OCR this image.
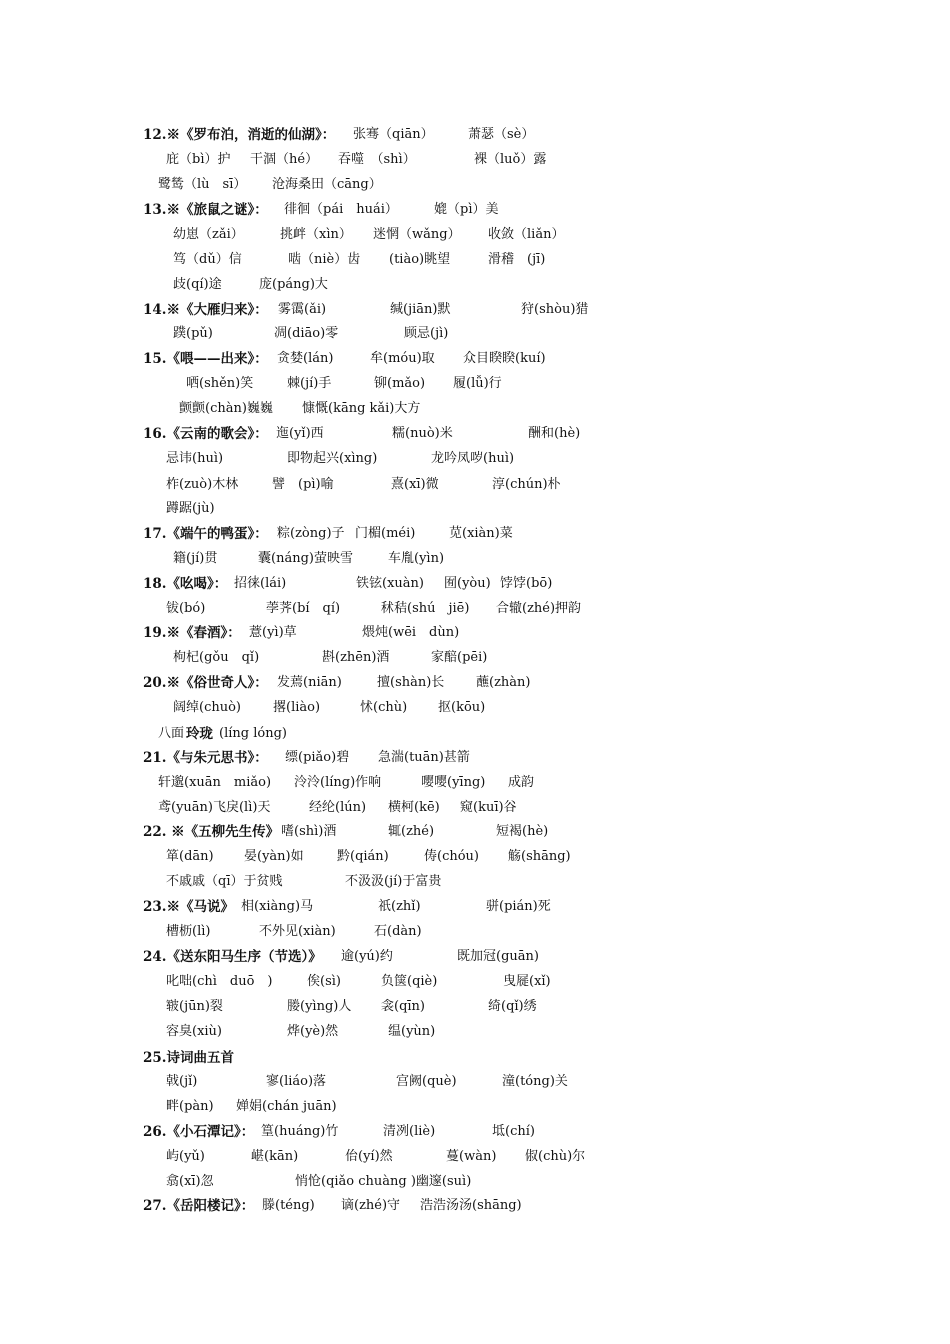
12.※《罗布泊，消逝的仙湖》： 张骞（qiān）	萧瑟（sè）
庇（bì）护 干涸（hé） 吞噬　（shì）	裸（luǒ）露
鹭鸶（lù　sī） 沧海桑田（cāng）
13.※《旅鼠之谜》： 徘徊（pái　huái）	媲（pì）美
幼崽（zǎi）	挑衅（xìn） 迷惘（wǎng） 收敛（liǎn）
笃（dǔ）信	啮（niè）齿 (tiào)眺望	滑稽　(jī)
歧(qí)途	庞(páng)大
14.※《大雁归来》： 雾霭(ǎi)	缄(jiān)默	狩(shòu)猎
蹼(pǔ)	凋(diāo)零	顾忌(jì)
15.《喂——出来》： 贪婪(lán)	牟(móu)取 众目睽睽(kuí)
哂(shěn)笑	棘(jí)手	铆(mǎo) 履(lǚ)行
颤颤(chàn)巍巍 慷慨(kāng kǎi)大方
16.《云南的歌会》： 迤(yǐ)西	糯(nuò)米	酬和(hè)
忌讳(huì)	即物起兴(xìng)	龙吟凤哕(huì)
柞(zuò)木林	譬　(pì)喻	熹(xī)微	淳(chún)朴
蹲踞(jù)
17.《端午的鸭蛋》： 粽(zòng)子 门楣(méi)	苋(xiàn)菜
籍(jí)贯	囊(náng)萤映雪	车胤(yìn)
18.《吆喝》： 招徕(lái)	铁铉(xuàn) 囿(yòu) 饽饽(bō)
钹(bó)	荸荠(bí　qí)	秫秸(shú　jiē) 合辙(zhé)押韵
19.※《春酒》： 薏(yì)草	煨炖(wēi　dùn)
枸杞(gǒu　qǐ)	斟(zhēn)酒	家醅(pēi)
20.※《俗世奇人》： 发蔫(niān)	擅(shàn)长 蘸(zhàn)
阔绰(chuò) 撂(liào)	怵(chù) 抠(kōu)
八面 玲珑 (líng lóng)
21.《与朱元思书》： 缥(piǎo)碧 急湍(tuān)甚箭
轩邈(xuān　miǎo) 泠泠(líng)作响	嘤嘤(yīng) 成韵
鸢(yuān)飞戾(lì)天	经纶(lún) 横柯(kē) 窥(kuī)谷
22. ※《五柳先生传》 嗜(shì)酒	辄(zhé)	短褐(hè)
箪(dān) 晏(yàn)如	黔(qián)	俦(chóu) 觞(shāng)
不戚戚（qī）于贫贱	不汲汲(jí)于富贵
23.※《马说》 相(xiàng)马	祇(zhǐ)	骈(pián)死
槽枥(lì)	不外见(xiàn)	石(dàn)
24.《送东阳马生序（节选）》 逾(yú)约	既加冠(guān)
叱咄(chì　duō　)	俟(sì)	负箧(qiè)	曳屣(xǐ)
皲(jūn)裂	媵(yìng)人 衾(qīn)	绮(qǐ)绣
容臭(xiù)	烨(yè)然	缊(yùn)
25.诗词曲五首
戟(jǐ)	寥(liáo)落	宫阙(què)	潼(tóng)关
畔(pàn) 婵娟(chán juān)
26.《小石潭记》： 篁(huáng)竹	清冽(liè)	坻(chí)
屿(yǔ)	嵁(kān)	佁(yí)然	蔓(wàn) 俶(chù)尔
翕(xī)忽	悄怆(qiǎo chuàng )幽邃(suì)
27.《岳阳楼记》： 滕(téng) 谪(zhé)守 浩浩汤汤(shāng)
